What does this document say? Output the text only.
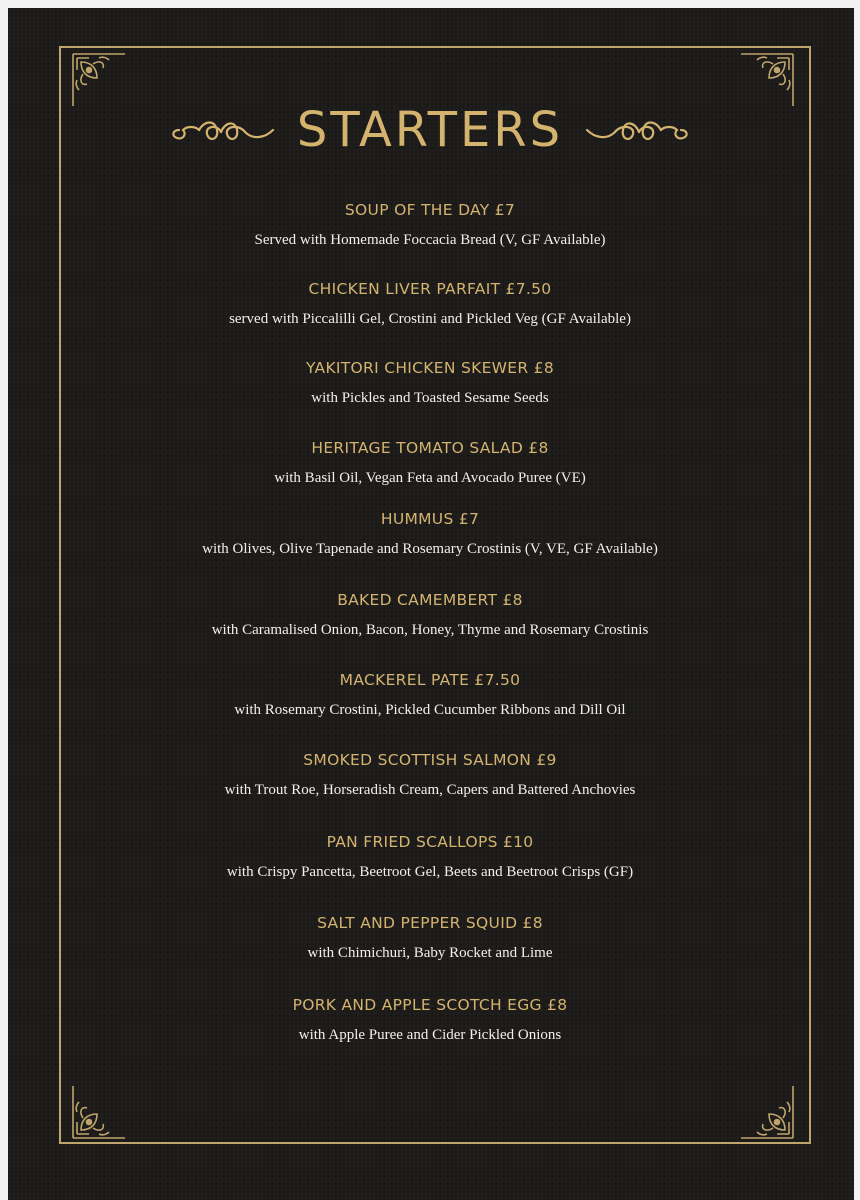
STARTERS
SOUP OF THE DAY £7
Served with Homemade Foccacia Bread (V, GF Available)
CHICKEN LIVER PARFAIT £7.50
served with Piccalilli Gel, Crostini and Pickled Veg (GF Available)
YAKITORI CHICKEN SKEWER £8
with Pickles and Toasted Sesame Seeds
HERITAGE TOMATO SALAD £8
with Basil Oil, Vegan Feta and Avocado Puree (VE)
HUMMUS £7
with Olives, Olive Tapenade and Rosemary Crostinis (V, VE, GF Available)
BAKED CAMEMBERT £8
with Caramalised Onion, Bacon, Honey, Thyme and Rosemary Crostinis
MACKEREL PATE £7.50
with Rosemary Crostini, Pickled Cucumber Ribbons and Dill Oil
SMOKED SCOTTISH SALMON £9
with Trout Roe, Horseradish Cream, Capers and Battered Anchovies
PAN FRIED SCALLOPS £10
with Crispy Pancetta, Beetroot Gel, Beets and Beetroot Crisps (GF)
SALT AND PEPPER SQUID £8
with Chimichuri, Baby Rocket and Lime
PORK AND APPLE SCOTCH EGG £8
with Apple Puree and Cider Pickled Onions
